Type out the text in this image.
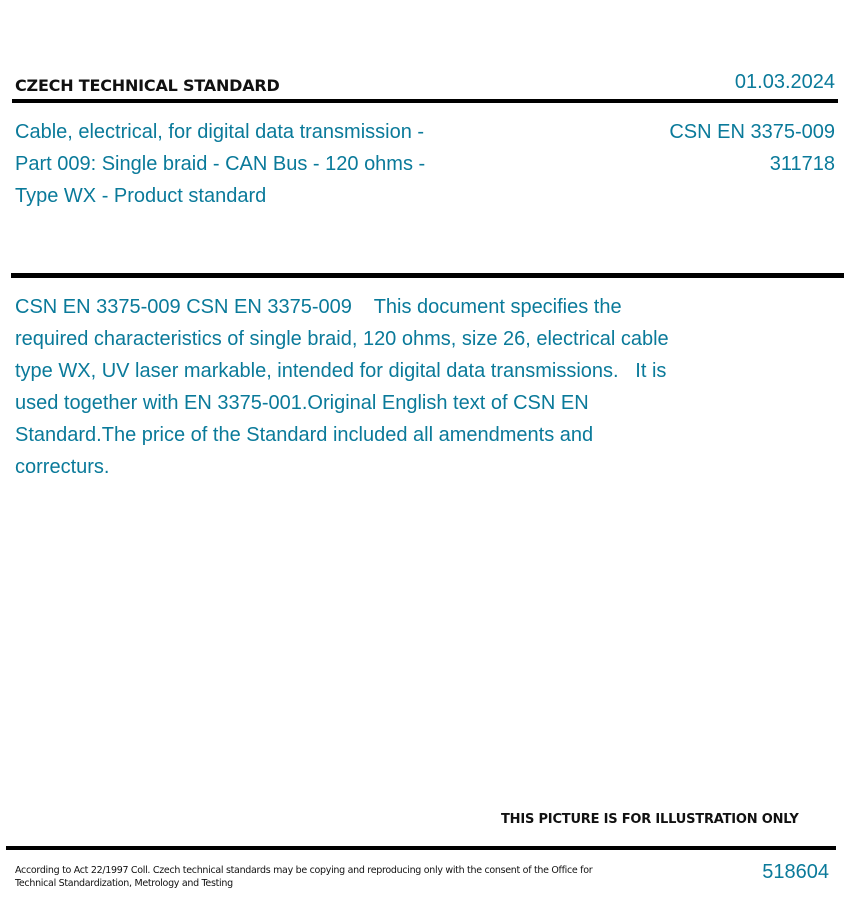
CZECH TECHNICAL STANDARD	01.03.2024
Cable, electrical, for digital data transmission - Part 009: Single braid - CAN Bus - 120 ohms - Type WX - Product standard
CSN EN 3375-009
311718
CSN EN 3375-009 CSN EN 3375-009    This document specifies the required characteristics of single braid, 120 ohms, size 26, electrical cable type WX, UV laser markable, intended for digital data transmissions.   It is used together with EN 3375-001.Original English text of CSN EN Standard.The price of the Standard included all amendments and correcturs.
THIS PICTURE IS FOR ILLUSTRATION ONLY
According to Act 22/1997 Coll. Czech technical standards may be copying and reproducing only with the consent of the Office for Technical Standardization, Metrology and Testing
518604
